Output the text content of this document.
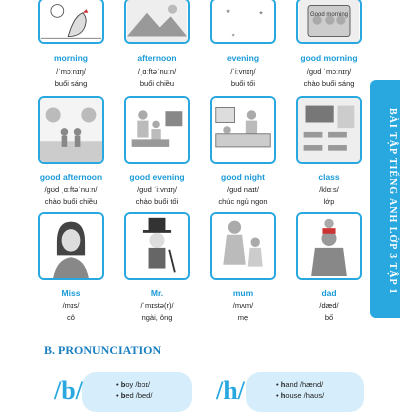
morning
/ˈmɔːnɪŋ/
buổi sáng
afternoon
/ˌɑːftəˈnuːn/
buổi chiều
★	★
★
evening
/ˈiːvnɪŋ/
buổi tối
Good morning
good morning
/gʊd ˈmɔːnɪŋ/
chào buổi sáng
good afternoon
/gʊd ˌɑːftəˈnuːn/
chào buổi chiều
good evening
/gʊd ˈiːvnɪŋ/
chào buổi tối
good night
/gʊd naɪt/
chúc ngủ ngon
class
/klɑːs/
lớp
Miss
/mɪs/
cô
Mr.
/ˈmɪstə(r)/
ngài, ông
mum
/mʌm/
mẹ
dad
/dæd/
bố
BÀI TẬP TIẾNG ANH LỚP 3 TẬP 1
B. PRONUNCIATION
/b/	• boy /bɔɪ/
• bed /bed/ /h/	• hand /hænd/
• house /haʊs/
